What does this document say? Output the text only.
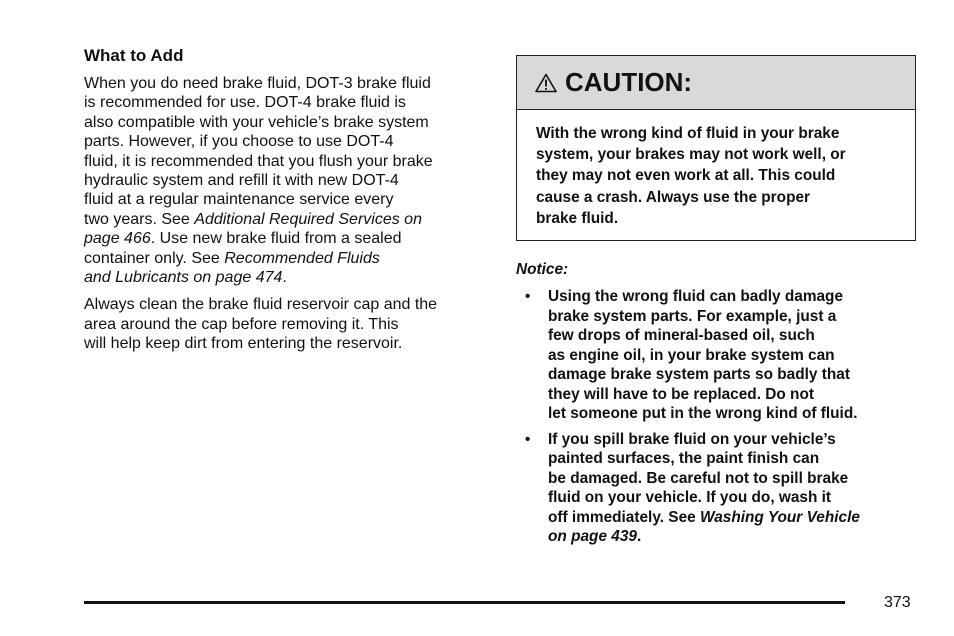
What to Add

When you do need brake fluid, DOT-3 brake fluid
is recommended for use. DOT-4 brake fluid is
also compatible with your vehicle’s brake system
parts. However, if you choose to use DOT-4
fluid, it is recommended that you flush your brake
hydraulic system and refill it with new DOT-4
fluid at a regular maintenance service every
two years. See Additional Required Services on
page 466. Use new brake fluid from a sealed
container only. See Recommended Fluids
and Lubricants on page 474.

Always clean the brake fluid reservoir cap and the
area around the cap before removing it. This
will help keep dirt from entering the reservoir.

CAUTION:
With the wrong kind of fluid in your brake
system, your brakes may not work well, or
they may not even work at all. This could
cause a crash. Always use the proper
brake fluid.
Notice:
•	Using the wrong fluid can badly damage
brake system parts. For example, just a
few drops of mineral-based oil, such
as engine oil, in your brake system can
damage brake system parts so badly that
they will have to be replaced. Do not
let someone put in the wrong kind of fluid.
•	If you spill brake fluid on your vehicle’s
painted surfaces, the paint finish can
be damaged. Be careful not to spill brake
fluid on your vehicle. If you do, wash it
off immediately. See Washing Your Vehicle
on page 439.
373
